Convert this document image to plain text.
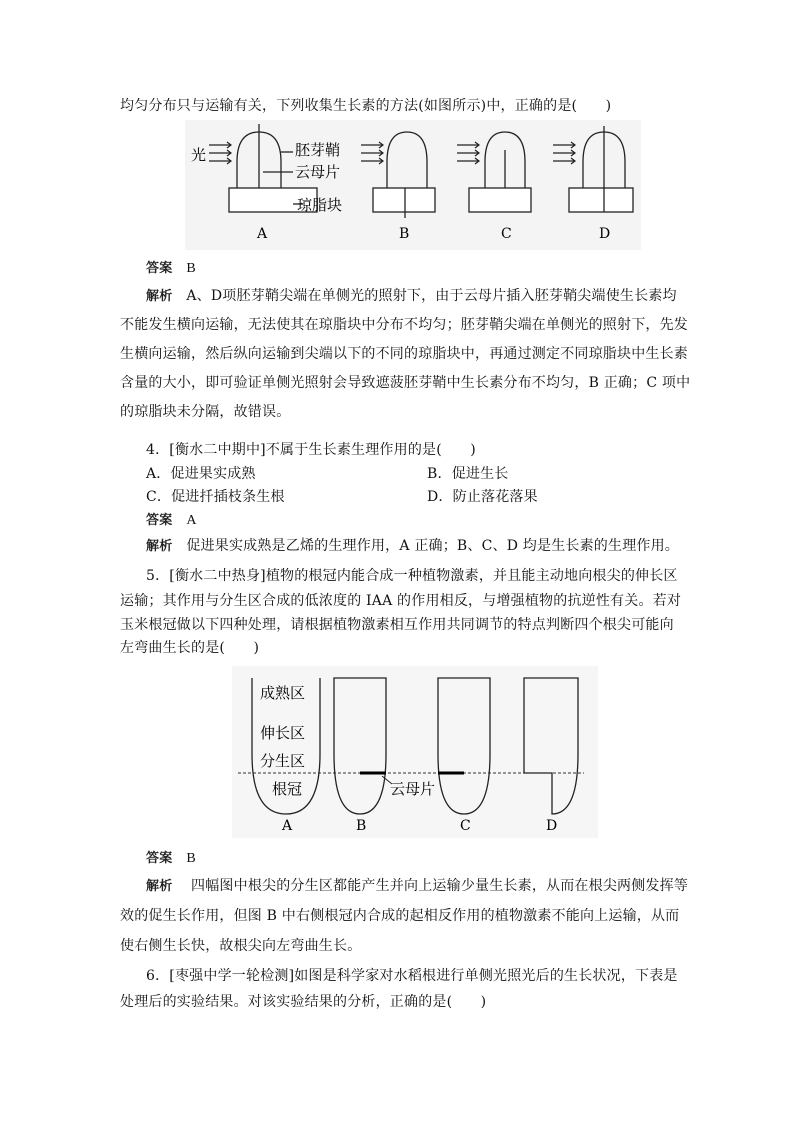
均匀分布只与运输有关，下列收集生长素的方法(如图所示)中，正确的是(　　)
光	胚芽鞘
云母片
琼脂块
A	B	C	D
答案 B
解析 A、D项胚芽鞘尖端在单侧光的照射下，由于云母片插入胚芽鞘尖端使生长素均
不能发生横向运输，无法使其在琼脂块中分布不均匀；胚芽鞘尖端在单侧光的照射下，先发
生横向运输，然后纵向运输到尖端以下的不同的琼脂块中，再通过测定不同琼脂块中生长素
含量的大小，即可验证单侧光照射会导致遮菠胚芽鞘中生长素分布不均匀，B 正确；C 项中
的琼脂块未分隔，故错误。
4．[衡水二中期中]不属于生长素生理作用的是(　　)
A．促进果实成熟	B．促进生长
C．促进扦插枝条生根	D．防止落花落果
答案 A
解析 促进果实成熟是乙烯的生理作用，A 正确；B、C、D 均是生长素的生理作用。
5．[衡水二中热身]植物的根冠内能合成一种植物激素，并且能主动地向根尖的伸长区
运输；其作用与分生区合成的低浓度的 IAA 的作用相反，与增强植物的抗逆性有关。若对
玉米根冠做以下四种处理，请根据植物激素相互作用共同调节的特点判断四个根尖可能向
左弯曲生长的是(　　)
成熟区
伸长区
分生区
根冠
A	B
云母片
C	D
答案 B
解析 四幅图中根尖的分生区都能产生并向上运输少量生长素，从而在根尖两侧发挥等
效的促生长作用，但图 B 中右侧根冠内合成的起相反作用的植物激素不能向上运输，从而
使右侧生长快，故根尖向左弯曲生长。
6．[枣强中学一轮检测]如图是科学家对水稻根进行单侧光照光后的生长状况，下表是
处理后的实验结果。对该实验结果的分析，正确的是(　　)
